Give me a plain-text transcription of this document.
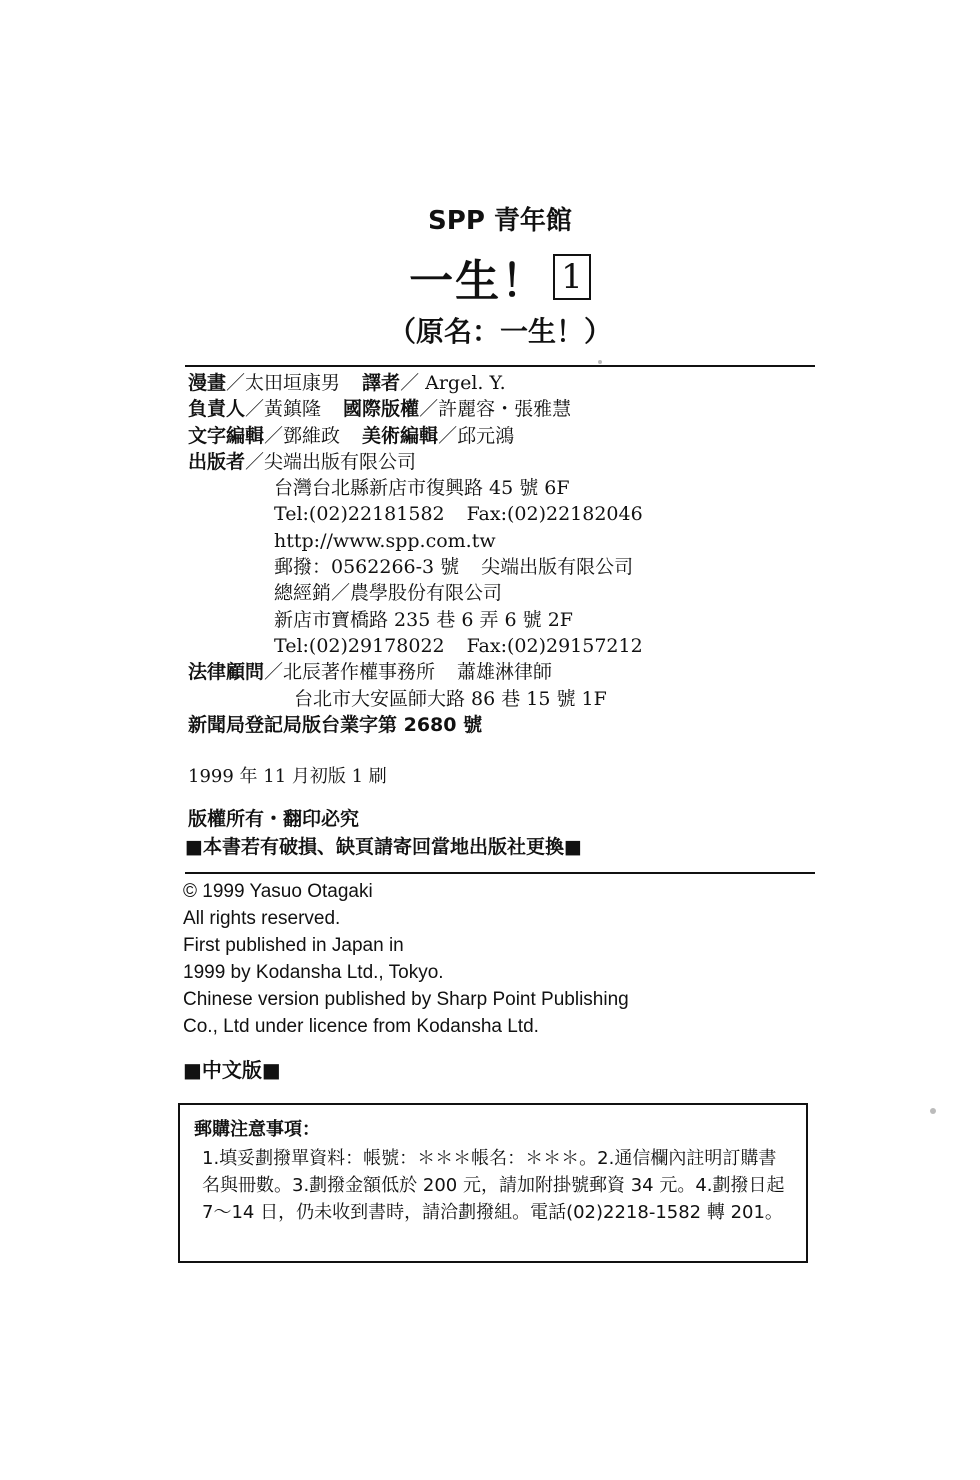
SPP 青年館
一生！ 1
（原名：一生！）
漫畫／太田垣康男 譯者／ Argel. Y.
負責人／黃鎮隆 國際版權／許麗容・張雅慧
文字編輯／鄧維政 美術編輯／邱元鴻
出版者／尖端出版有限公司
台灣台北縣新店市復興路 45 號 6F
Tel:(02)22181582 Fax:(02)22182046
http://www.spp.com.tw
郵撥：0562266-3 號 尖端出版有限公司
總經銷／農學股份有限公司
新店市寶橋路 235 巷 6 弄 6 號 2F
Tel:(02)29178022 Fax:(02)29157212
法律顧問／北辰著作權事務所 蕭雄淋律師
台北市大安區師大路 86 巷 15 號 1F
新聞局登記局版台業字第 2680 號
1999 年 11 月初版 1 刷
版權所有・翻印必究
■本書若有破損、缺頁請寄回當地出版社更換■
© 1999 Yasuo Otagaki
All rights reserved.
First published in Japan in
1999 by Kodansha Ltd., Tokyo.
Chinese version published by Sharp Point Publishing
Co., Ltd under licence from Kodansha Ltd.
■中文版■
郵購注意事項：
1.填妥劃撥單資料：帳號：＊＊＊帳名：＊＊＊。2.通信欄內註明訂購書名與冊數。3.劃撥金額低於 200 元，請加附掛號郵資 34 元。4.劃撥日起 7～14 日，仍未收到書時，請洽劃撥組。電話(02)2218-1582 轉 201。
